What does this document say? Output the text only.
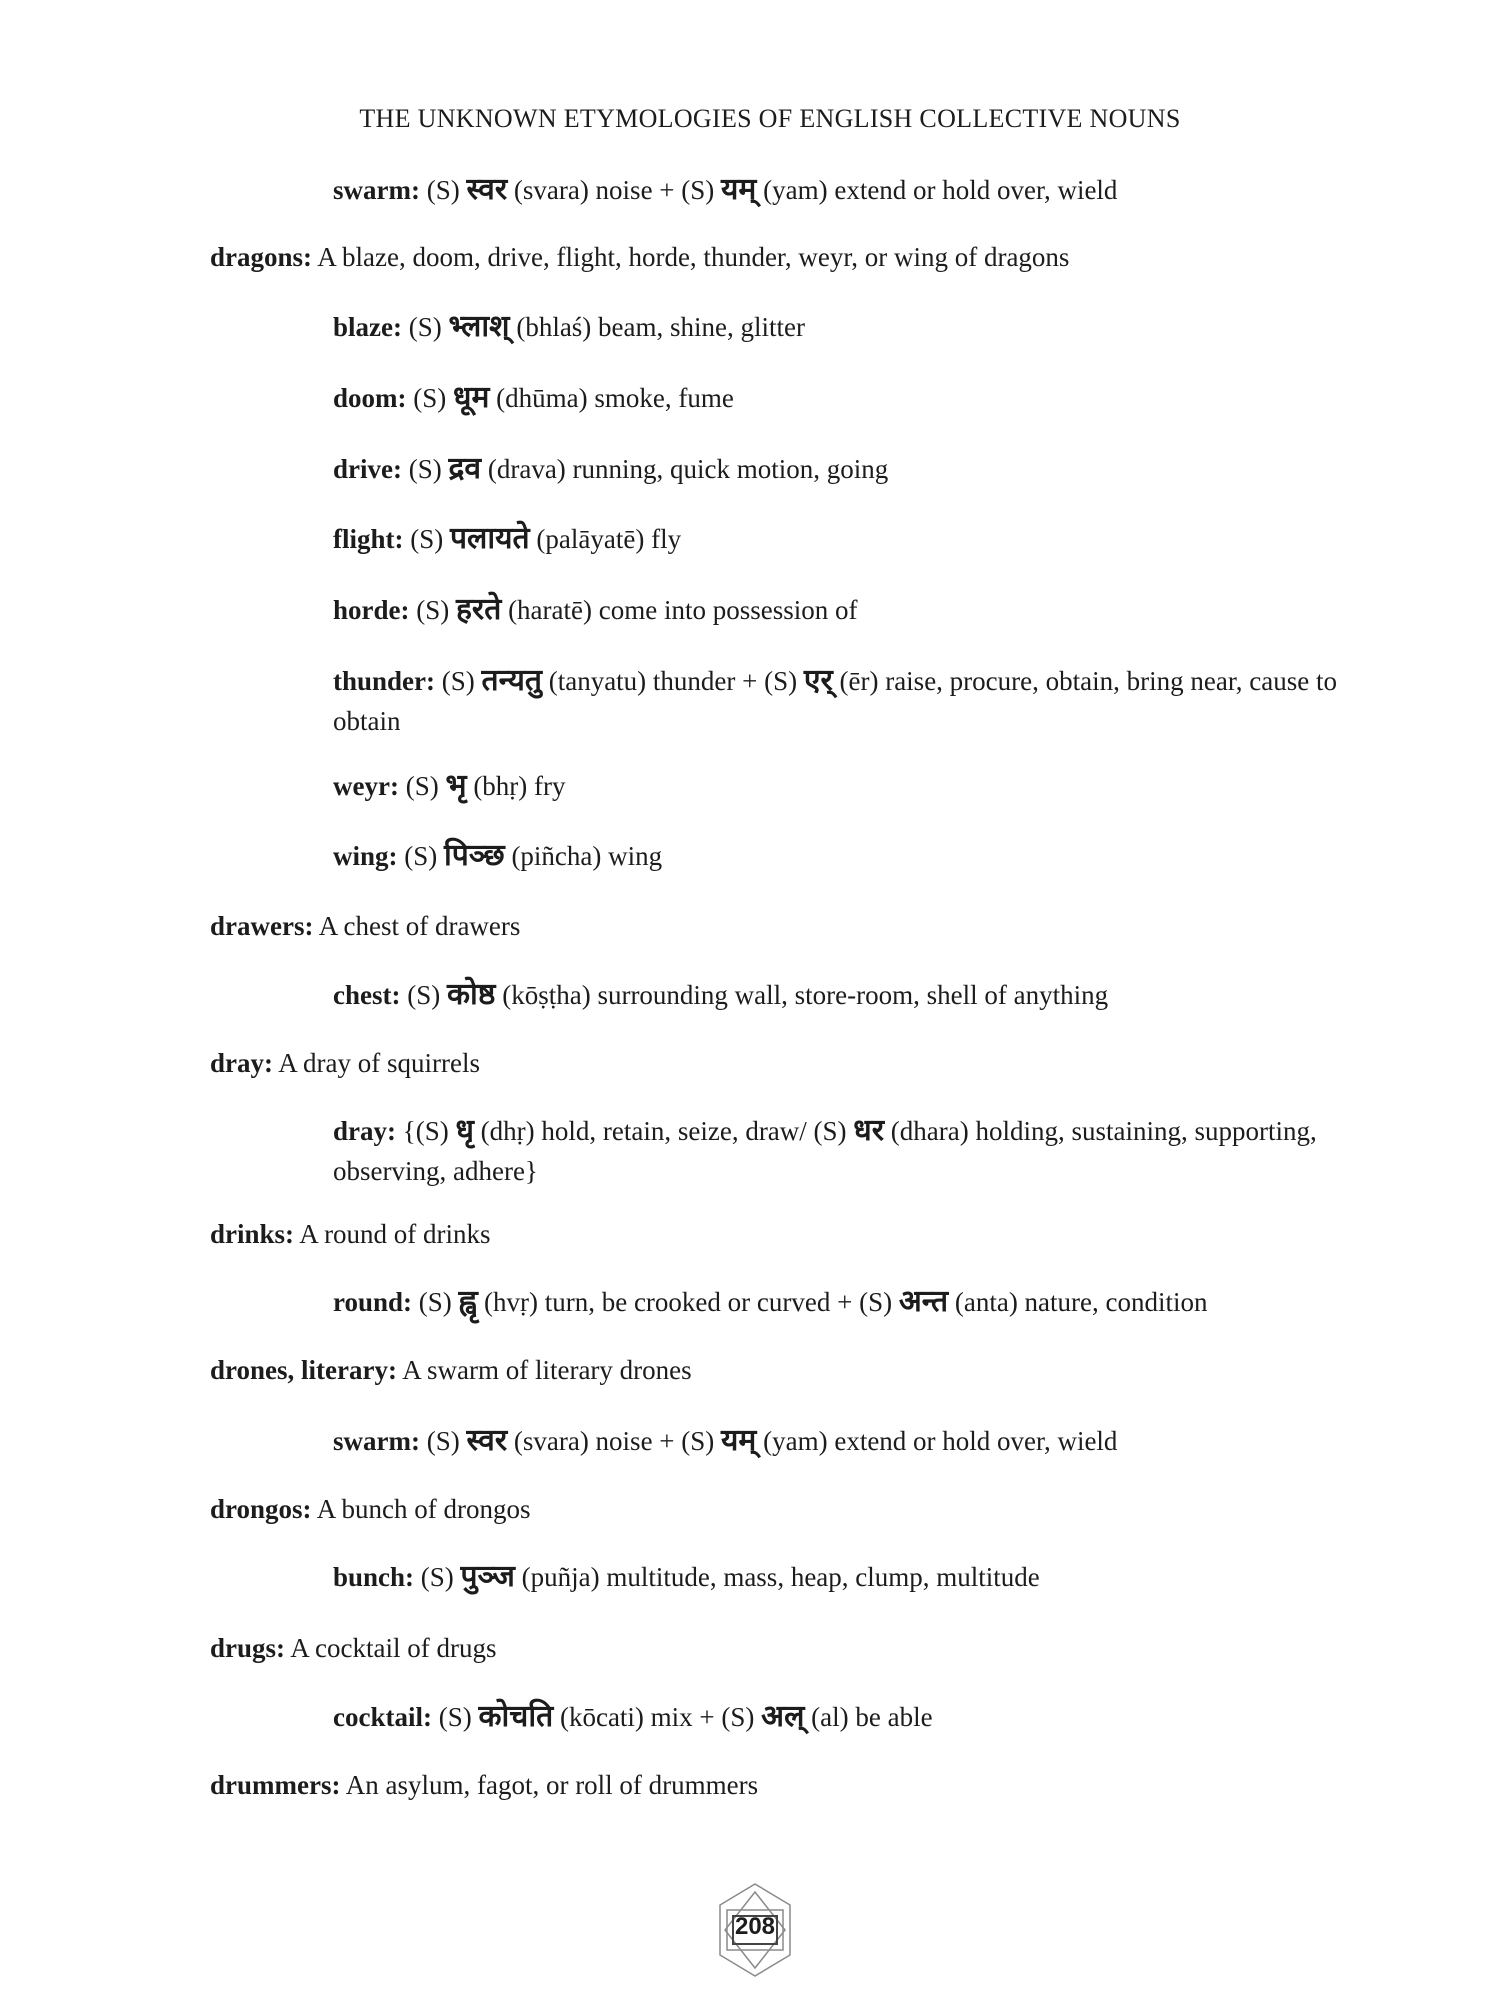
THE UNKNOWN ETYMOLOGIES OF ENGLISH COLLECTIVE NOUNS
swarm: (S) स्वर (svara) noise + (S) यम् (yam) extend or hold over, wield
dragons: A blaze, doom, drive, flight, horde, thunder, weyr, or wing of dragons
blaze: (S) भ्लाश् (bhlaś) beam, shine, glitter
doom: (S) धूम (dhūma) smoke, fume
drive: (S) द्रव (drava) running, quick motion, going
flight: (S) पलायते (palāyatē) fly
horde: (S) हरते (haratē) come into possession of
thunder: (S) तन्यतु (tanyatu) thunder + (S) एर् (ēr) raise, procure, obtain, bring near, cause to obtain
weyr: (S) भृ (bhṛ) fry
wing: (S) पिञ्छ (piñcha) wing
drawers: A chest of drawers
chest: (S) कोष्ठ (kōṣṭha) surrounding wall, store-room, shell of anything
dray: A dray of squirrels
dray: {(S) धृ (dhṛ) hold, retain, seize, draw/ (S) धर (dhara) holding, sustaining, supporting, observing, adhere}
drinks: A round of drinks
round: (S) ह्वृ (hvṛ) turn, be crooked or curved + (S) अन्त (anta) nature, condition
drones, literary: A swarm of literary drones
swarm: (S) स्वर (svara) noise + (S) यम् (yam) extend or hold over, wield
drongos: A bunch of drongos
bunch: (S) पुञ्ज (puñja) multitude, mass, heap, clump, multitude
drugs: A cocktail of drugs
cocktail: (S) कोचति (kōcati) mix + (S) अल् (al) be able
drummers: An asylum, fagot, or roll of drummers
208
